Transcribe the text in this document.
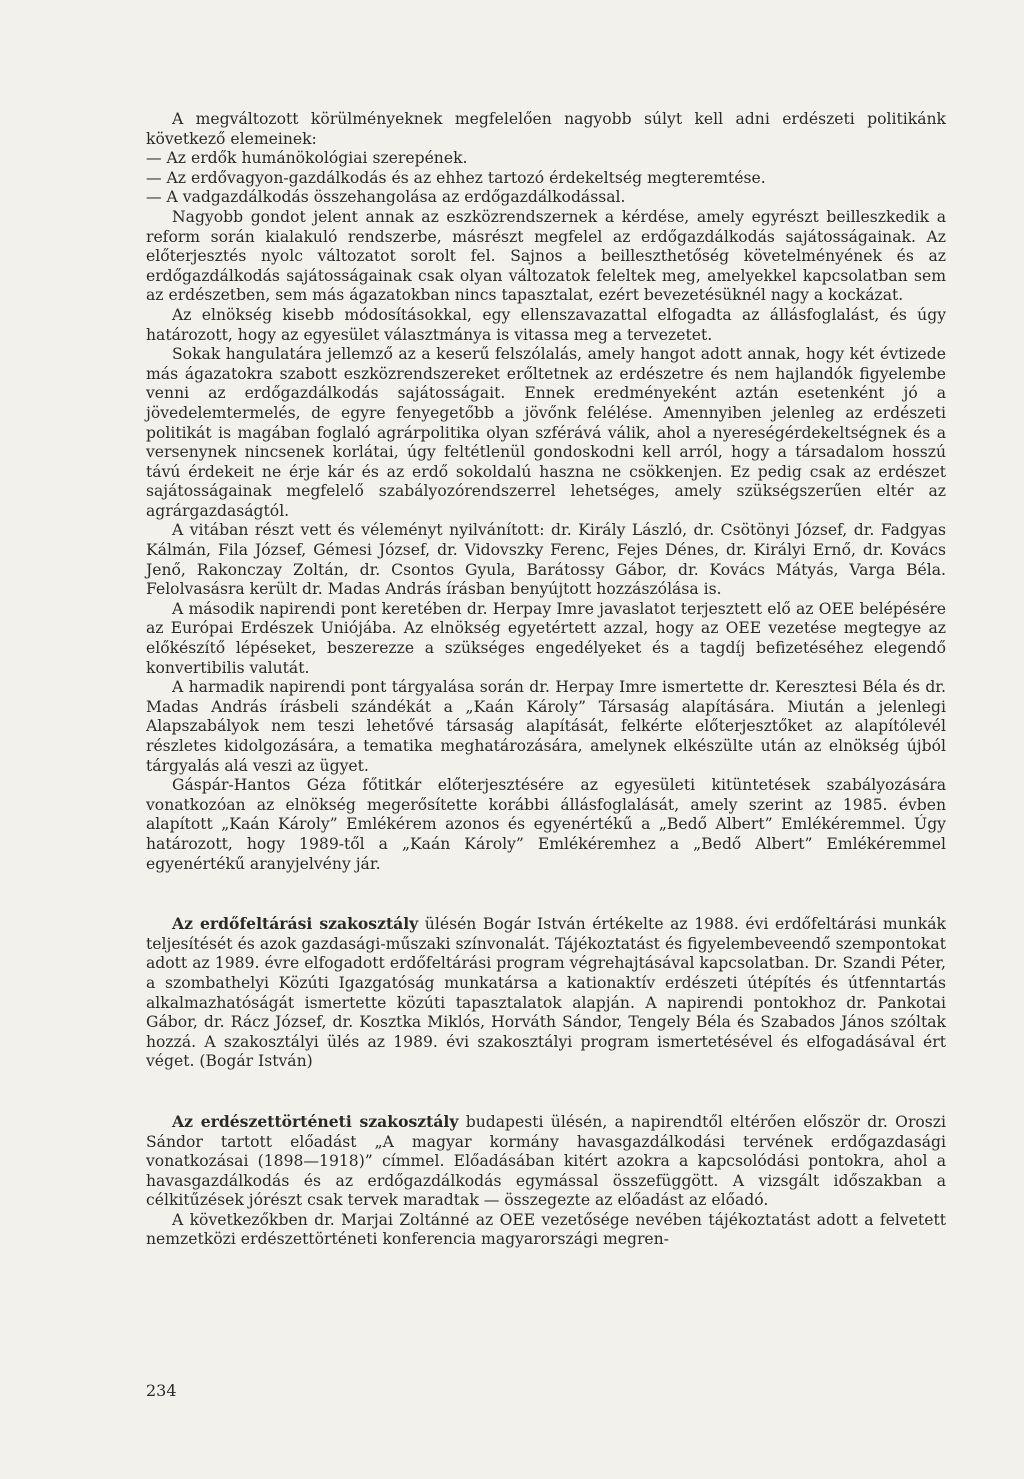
A megváltozott körülményeknek megfelelően nagyobb súlyt kell adni erdészeti politikánk következő elemeinek:

— Az erdők humánökológiai szerepének.

— Az erdővagyon-gazdálkodás és az ehhez tartozó érdekeltség megteremtése.

— A vadgazdálkodás összehangolása az erdőgazdálkodással.

Nagyobb gondot jelent annak az eszközrendszernek a kérdése, amely egyrészt beilleszkedik a reform során kialakuló rendszerbe, másrészt megfelel az erdőgazdálkodás sajátosságainak. Az előterjesztés nyolc változatot sorolt fel. Sajnos a beilleszthetőség követelményének és az erdőgazdálkodás sajátosságainak csak olyan változatok feleltek meg, amelyekkel kapcsolatban sem az erdészetben, sem más ágazatokban nincs tapasztalat, ezért bevezetésüknél nagy a kockázat.

Az elnökség kisebb módosításokkal, egy ellenszavazattal elfogadta az állásfoglalást, és úgy határozott, hogy az egyesület választmánya is vitassa meg a tervezetet.

Sokak hangulatára jellemző az a keserű felszólalás, amely hangot adott annak, hogy két évtizede más ágazatokra szabott eszközrendszereket erőltetnek az erdészetre és nem hajlandók figyelembe venni az erdőgazdálkodás sajátosságait. Ennek eredményeként aztán esetenként jó a jövedelemtermelés, de egyre fenyegetőbb a jövőnk felélése. Amennyiben jelenleg az erdészeti politikát is magában foglaló agrárpolitika olyan szférává válik, ahol a nyereségérdekeltségnek és a versenynek nincsenek korlátai, úgy feltétlenül gondoskodni kell arról, hogy a társadalom hosszú távú érdekeit ne érje kár és az erdő sokoldalú haszna ne csökkenjen. Ez pedig csak az erdészet sajátosságainak megfelelő szabályozórendszerrel lehetséges, amely szükségszerűen eltér az agrárgazdaságtól.

A vitában részt vett és véleményt nyilvánított: dr. Király László, dr. Csötönyi József, dr. Fadgyas Kálmán, Fila József, Gémesi József, dr. Vidovszky Ferenc, Fejes Dénes, dr. Királyi Ernő, dr. Kovács Jenő, Rakonczay Zoltán, dr. Csontos Gyula, Barátossy Gábor, dr. Kovács Mátyás, Varga Béla. Felolvasásra került dr. Madas András írásban benyújtott hozzászólása is.

A második napirendi pont keretében dr. Herpay Imre javaslatot terjesztett elő az OEE belépésére az Európai Erdészek Uniójába. Az elnökség egyetértett azzal, hogy az OEE vezetése megtegye az előkészítő lépéseket, beszerezze a szükséges engedélyeket és a tagdíj befizetéséhez elegendő konvertibilis valutát.

A harmadik napirendi pont tárgyalása során dr. Herpay Imre ismertette dr. Keresztesi Béla és dr. Madas András írásbeli szándékát a „Kaán Károly” Társaság alapítására. Miután a jelenlegi Alapszabályok nem teszi lehetővé társaság alapítását, felkérte előterjesztőket az alapítólevél részletes kidolgozására, a tematika meghatározására, amelynek elkészülte után az elnökség újból tárgyalás alá veszi az ügyet.

Gáspár-Hantos Géza főtitkár előterjesztésére az egyesületi kitüntetések szabályozására vonatkozóan az elnökség megerősítette korábbi állásfoglalását, amely szerint az 1985. évben alapított „Kaán Károly” Emlékérem azonos és egyenértékű a „Bedő Albert” Emlékéremmel. Úgy határozott, hogy 1989-től a „Kaán Károly” Emlékéremhez a „Bedő Albert” Emlékéremmel egyenértékű aranyjelvény jár.

Az erdőfeltárási szakosztály ülésén Bogár István értékelte az 1988. évi erdőfeltárási munkák teljesítését és azok gazdasági-műszaki színvonalát. Tájékoztatást és figyelembeveendő szempontokat adott az 1989. évre elfogadott erdőfeltárási program végrehajtásával kapcsolatban. Dr. Szandi Péter, a szombathelyi Közúti Igazgatóság munkatársa a kationaktív erdészeti útépítés és útfenntartás alkalmazhatóságát ismertette közúti tapasztalatok alapján. A napirendi pontokhoz dr. Pankotai Gábor, dr. Rácz József, dr. Kosztka Miklós, Horváth Sándor, Tengely Béla és Szabados János szóltak hozzá. A szakosztályi ülés az 1989. évi szakosztályi program ismertetésével és elfogadásával ért véget. (Bogár István)

Az erdészettörténeti szakosztály budapesti ülésén, a napirendtől eltérően először dr. Oroszi Sándor tartott előadást „A magyar kormány havasgazdálkodási tervének erdőgazdasági vonatkozásai (1898—1918)” címmel. Előadásában kitért azokra a kapcsolódási pontokra, ahol a havasgazdálkodás és az erdőgazdálkodás egymással összefüggött. A vizsgált időszakban a célkitűzések jórészt csak tervek maradtak — összegezte az előadást az előadó.

A következőkben dr. Marjai Zoltánné az OEE vezetősége nevében tájékoztatást adott a felvetett nemzetközi erdészettörténeti konferencia magyarországi megren-

234
